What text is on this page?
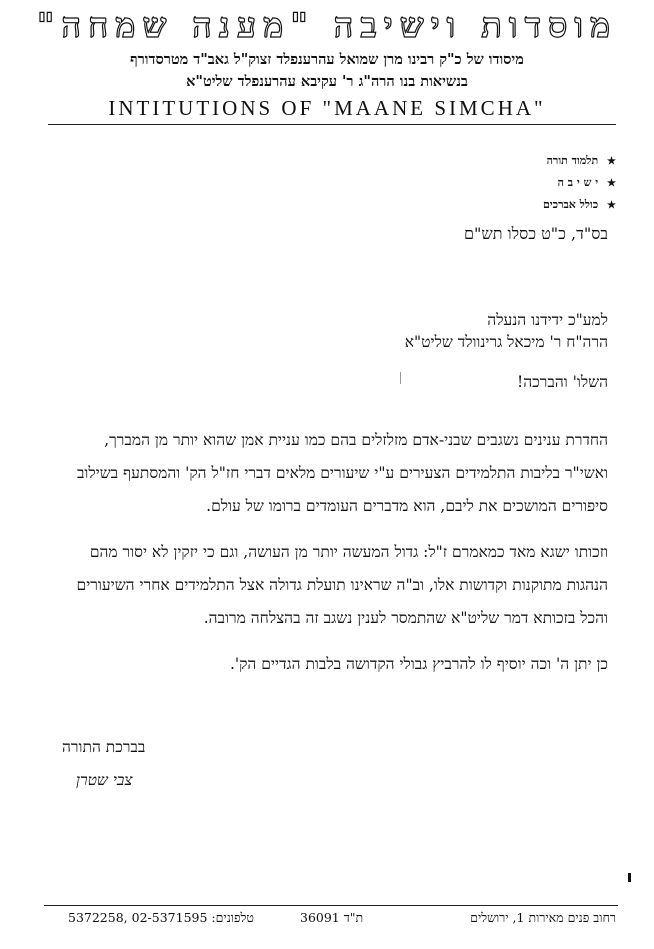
מוסדות וישיבה "מענה שמחה"
מיסודו של כ"ק רבינו מרן שמואל עהרענפלד זצוק"ל גאב"ד מטרסדורף
בנשיאות בנו הרה"ג ר' עקיבא עהרענפלד שליט"א
INTITUTIONS OF "MAANE SIMCHA"
★ תלמוד תורה
★ י ש י ב ה
★ כולל אברכים
בס"ד, כ"ט כסלו תש"ם
למע"כ ידידנו הנעלה
הרה"ח ר' מיכאל גרינוולד שליט"א
השלו' והברכה!
החדרת ענינים נשגבים שבני-אדם מזלזלים בהם כמו עניית אמן שהוא יותר מן המברך,
ואשי"ר בליבות התלמידים הצעירים ע"י שיעורים מלאים דברי חז"ל הק' והמסתעף בשילוב
סיפורים המושכים את ליבם, הוא מדברים העומדים ברומו של עולם.
וזכותו ישגא מאד כמאמרם ז"ל: גדול המעשה יותר מן העושה, וגם כי יזקין לא יסור מהם
הנהגות מתוקנות וקדושות אלו, וב"ה שראינו תועלת גדולה אצל התלמידים אחרי השיעורים
והכל בזכותא דמר שליט"א שהתמסר לענין נשגב זה בהצלחה מרובה.
כן יתן ה' וכה יוסיף לו להרביץ גבולי הקדושה בלבות הגדיים הק'.
בברכת התורה
צבי שטרן
רחוב פנים מאירות 1, ירושלים
ת"ד 36091
טלפונים: 02-5371595 ,5372258
